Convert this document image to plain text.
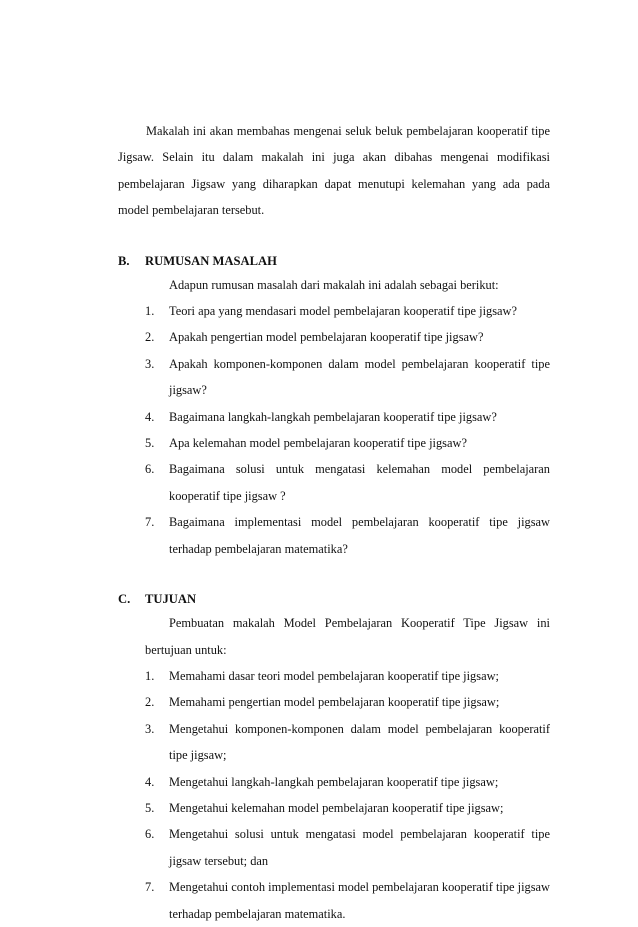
Makalah ini akan membahas mengenai seluk beluk pembelajaran kooperatif tipe Jigsaw. Selain itu dalam makalah ini juga akan dibahas mengenai modifikasi pembelajaran Jigsaw yang diharapkan dapat menutupi kelemahan yang ada pada model pembelajaran tersebut.

B.	RUMUSAN MASALAH

Adapun rumusan masalah dari makalah ini adalah sebagai berikut:

1.	Teori apa yang mendasari model pembelajaran kooperatif tipe jigsaw?
2.	Apakah pengertian model pembelajaran kooperatif tipe jigsaw?
3.	Apakah komponen-komponen dalam model pembelajaran kooperatif tipe jigsaw?
4.	Bagaimana langkah-langkah pembelajaran kooperatif tipe jigsaw?
5.	Apa kelemahan model pembelajaran kooperatif tipe jigsaw?
6.	Bagaimana solusi untuk mengatasi kelemahan model pembelajaran kooperatif tipe jigsaw ?
7.	Bagaimana implementasi model pembelajaran kooperatif tipe jigsaw terhadap pembelajaran matematika?
C.	TUJUAN

Pembuatan makalah Model Pembelajaran Kooperatif Tipe Jigsaw ini bertujuan untuk:

1.	Memahami dasar teori model pembelajaran kooperatif tipe jigsaw;
2.	Memahami pengertian model pembelajaran kooperatif tipe jigsaw;
3.	Mengetahui komponen-komponen dalam model pembelajaran kooperatif tipe jigsaw;
4.	Mengetahui langkah-langkah pembelajaran kooperatif tipe jigsaw;
5.	Mengetahui kelemahan model pembelajaran kooperatif tipe jigsaw;
6.	Mengetahui solusi untuk mengatasi model pembelajaran kooperatif tipe jigsaw tersebut; dan
7.	Mengetahui contoh implementasi model pembelajaran kooperatif tipe jigsaw terhadap pembelajaran matematika.
